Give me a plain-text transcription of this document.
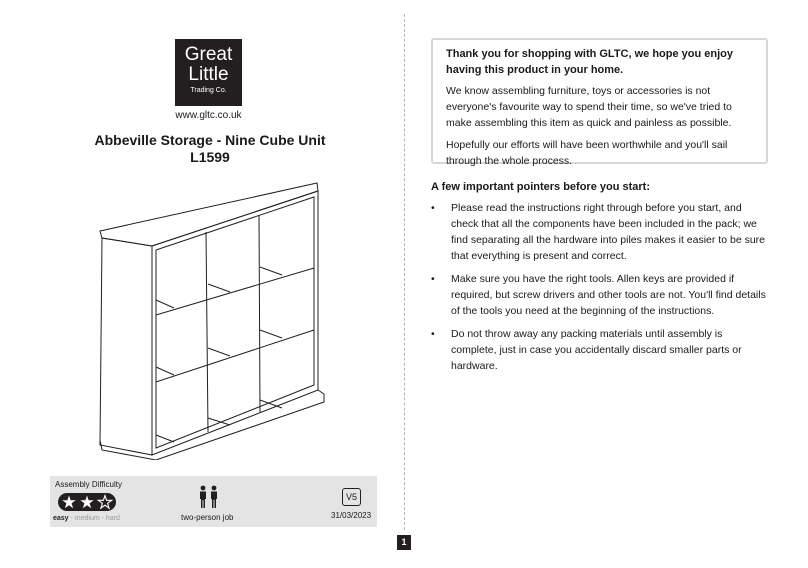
Great
Little
Trading Co.
www.gltc.co.uk
Abbeville Storage - Nine Cube Unit
L1599
Thank you for shopping with GLTC, we hope you enjoy having this product in your home.

We know assembling furniture, toys or accessories is not everyone's favourite way to spend their time, so we've tried to make assembling this item as quick and painless as possible.

Hopefully our efforts will have been worthwhile and you'll sail through the whole process.

A few important pointers before you start:
• Please read the instructions right through before you start, and check that all the components have been included in the pack; we find separating all the hardware into piles makes it easier to be sure that everything is present and correct.
• Make sure you have the right tools. Allen keys are provided if required, but screw drivers and other tools are not. You'll find details of the tools you need at the beginning of the instructions.
• Do not throw away any packing materials until assembly is complete, just in case you accidentally discard smaller parts or hardware.
Assembly Difficulty
easy - medium - hard	two-person job
V5
31/03/2023
1
